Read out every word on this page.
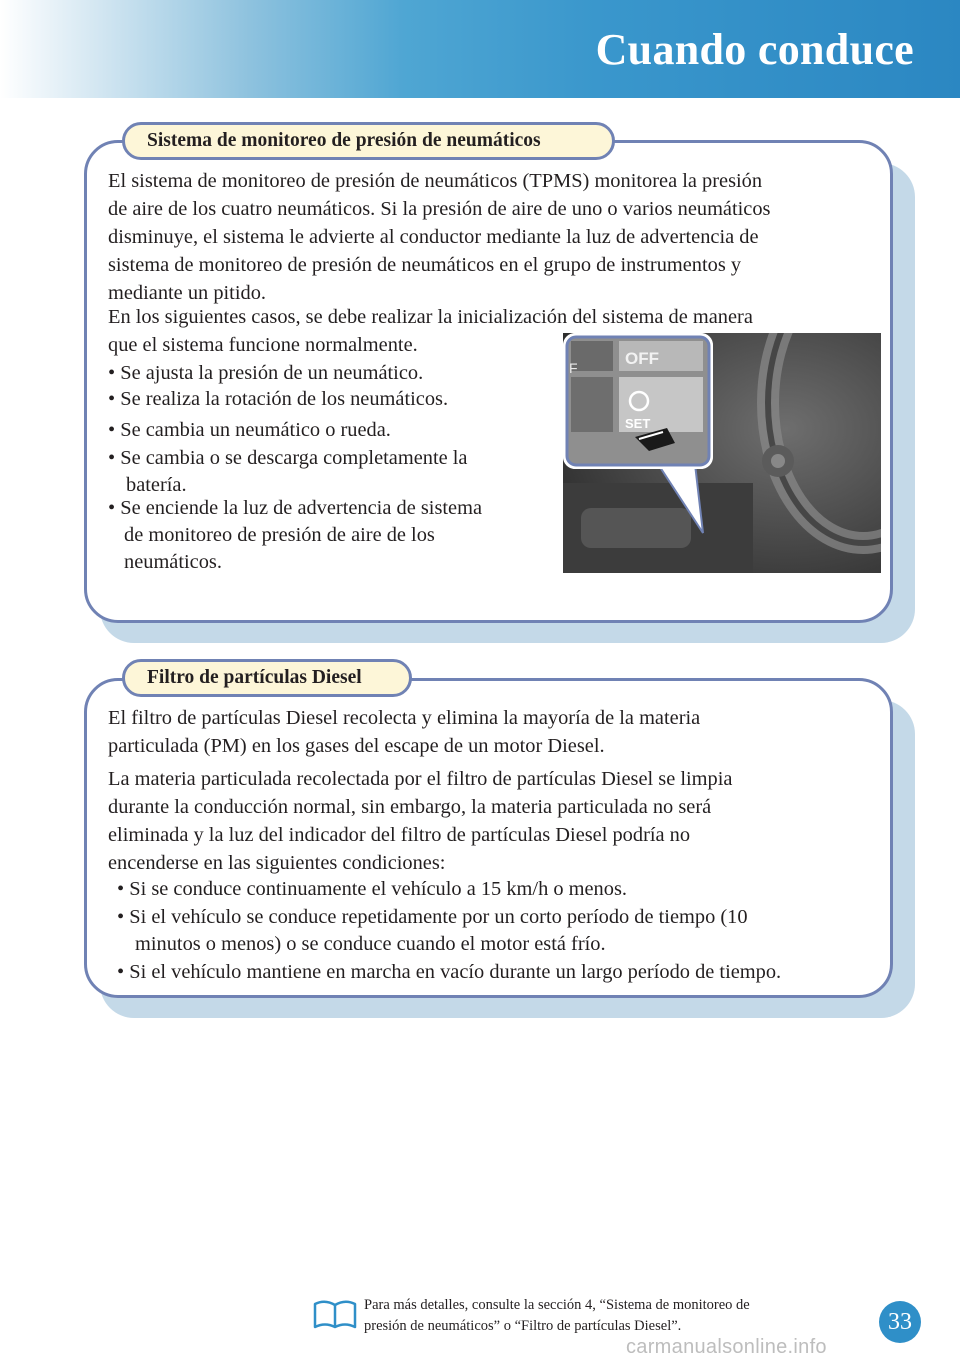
Cuando conduce
Sistema de monitoreo de presión de neumáticos
El sistema de monitoreo de presión de neumáticos (TPMS) monitorea la presión
de aire de los cuatro neumáticos. Si la presión de aire de uno o varios neumáticos
disminuye, el sistema le advierte al conductor mediante la luz de advertencia de
sistema de monitoreo de presión de neumáticos en el grupo de instrumentos y
mediante un pitido.
En los siguientes casos, se debe realizar la inicialización del sistema de manera
que el sistema funcione normalmente.
• Se ajusta la presión de un neumático.
• Se realiza la rotación de los neumáticos.
• Se cambia un neumático o rueda.
• Se cambia o se descarga completamente la
batería.
• Se enciende la luz de advertencia de sistema
de monitoreo de presión de aire de los
neumáticos.
OFF
F
SET
Filtro de partículas Diesel
El filtro de partículas Diesel recolecta y elimina la mayoría de la materia
particulada (PM) en los gases del escape de un motor Diesel.
La materia particulada recolectada por el filtro de partículas Diesel se limpia
durante la conducción normal, sin embargo, la materia particulada no será
eliminada y la luz del indicador del filtro de partículas Diesel podría no
encenderse en las siguientes condiciones:
• Si se conduce continuamente el vehículo a 15 km/h o menos.
• Si el vehículo se conduce repetidamente por un corto período de tiempo (10
minutos o menos) o se conduce cuando el motor está frío.
• Si el vehículo mantiene en marcha en vacío durante un largo período de tiempo.
Para más detalles, consulte la sección 4, “Sistema de monitoreo de
presión de neumáticos” o “Filtro de partículas Diesel”.	33
carmanualsonline.info
